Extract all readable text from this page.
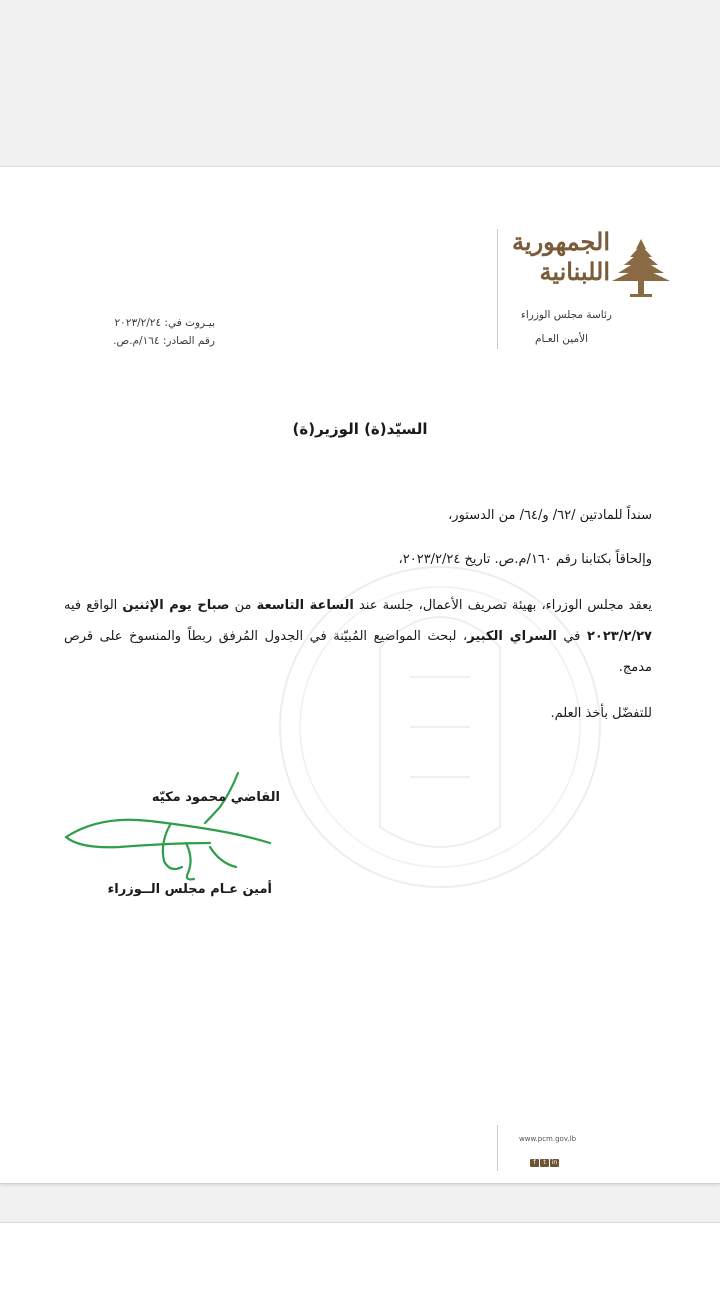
الجمهورية
اللبنانية
رئاسة مجلس الوزراء
الأمين العـام
بيـروت في: ٢٠٢٣/٢/٢٤
رقم الصادر: ١٦٤/م.ص.
السيّد(ة) الوزير(ة)
سنداً للمادتين /٦٢/ و/٦٤/ من الدستور،
وإلحاقاً بكتابنا رقم ١٦٠/م.ص. تاريخ ٢٠٢٣/٢/٢٤،
يعقد مجلس الوزراء، بهيئة تصريف الأعمال، جلسة عند الساعة التاسعة من صباح يوم الإثنين الواقع فيه ٢٠٢٣/٢/٢٧ في السراي الكبير، لبحث المواضيع المُبيّنة في الجدول المُرفق ربطاً والمنسوخ على قرص مدمج.
للتفضّل بأخذ العلم.
القاضي محمود مكيّه
أمين عـام مجلس الــوزراء
www.pcm.gov.lb
f t in
